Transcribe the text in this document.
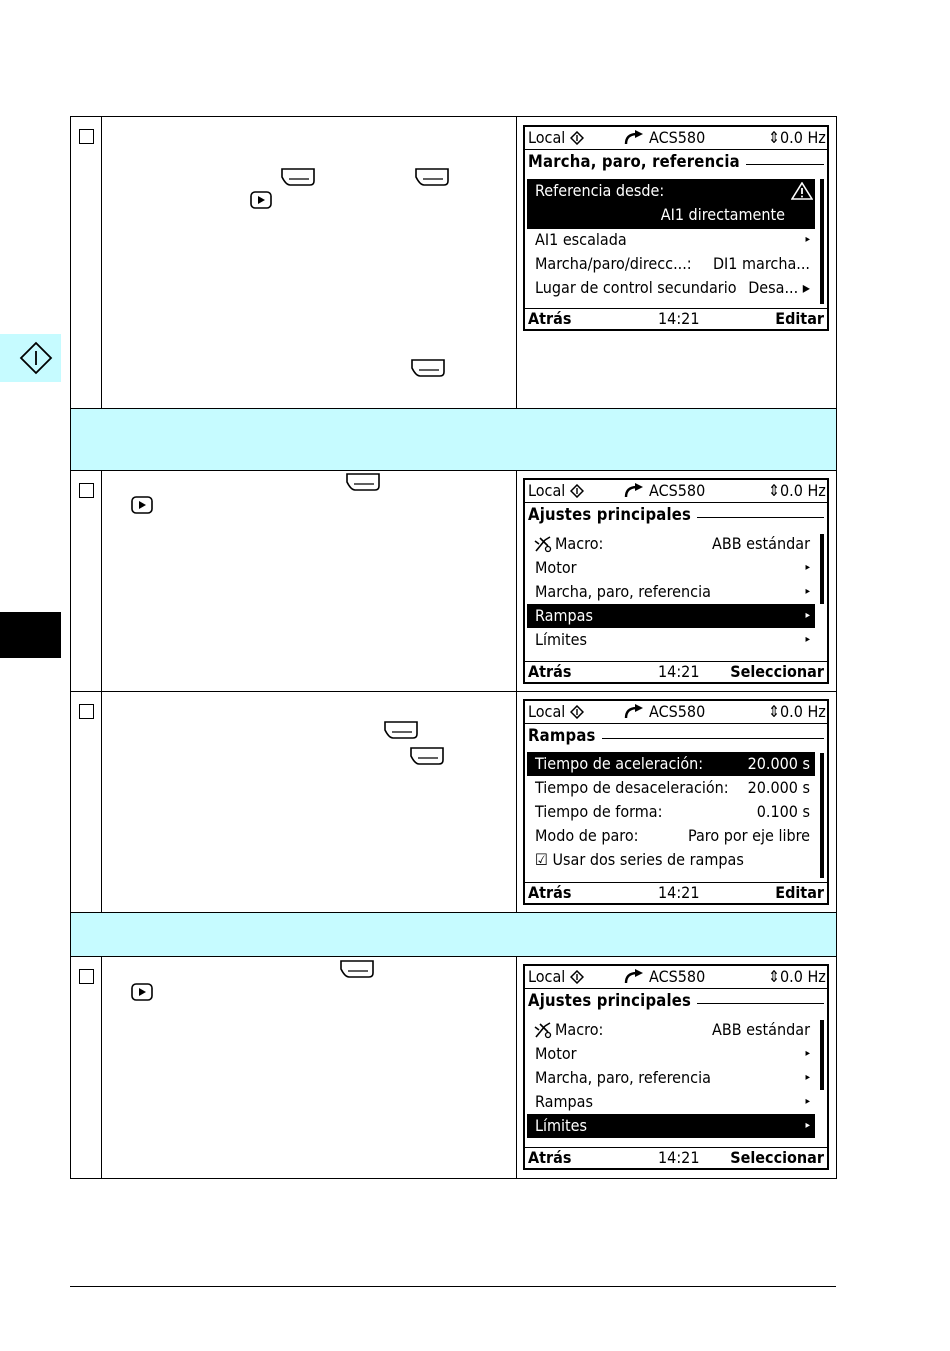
Local	ACS580	⇕ 0.0 Hz
Marcha, paro, referencia
Referencia desde:
AI1 directamente
AI1 escalada	▸
Marcha/paro/direcc...: DI1 marcha...
Lugar de control secundario Desa... ▸
Atrás	14:21	Editar
Local	ACS580	⇕ 0.0 Hz
Ajustes principales
Macro:	ABB estándar
Motor	▸
Marcha, paro, referencia	▸
Rampas	▸
Límites	▸
Atrás	14:21 Seleccionar
Local	ACS580	⇕ 0.0 Hz
Rampas
Tiempo de aceleración:	20.000 s
Tiempo de desaceleración: 20.000 s
Tiempo de forma:	0.100 s
Modo de paro:	Paro por eje libre
☑ Usar dos series de rampas
Atrás	14:21	Editar
Local	ACS580	⇕ 0.0 Hz
Ajustes principales
Macro:	ABB estándar
Motor	▸
Marcha, paro, referencia	▸
Rampas	▸
Límites	▸
Atrás	14:21 Seleccionar
